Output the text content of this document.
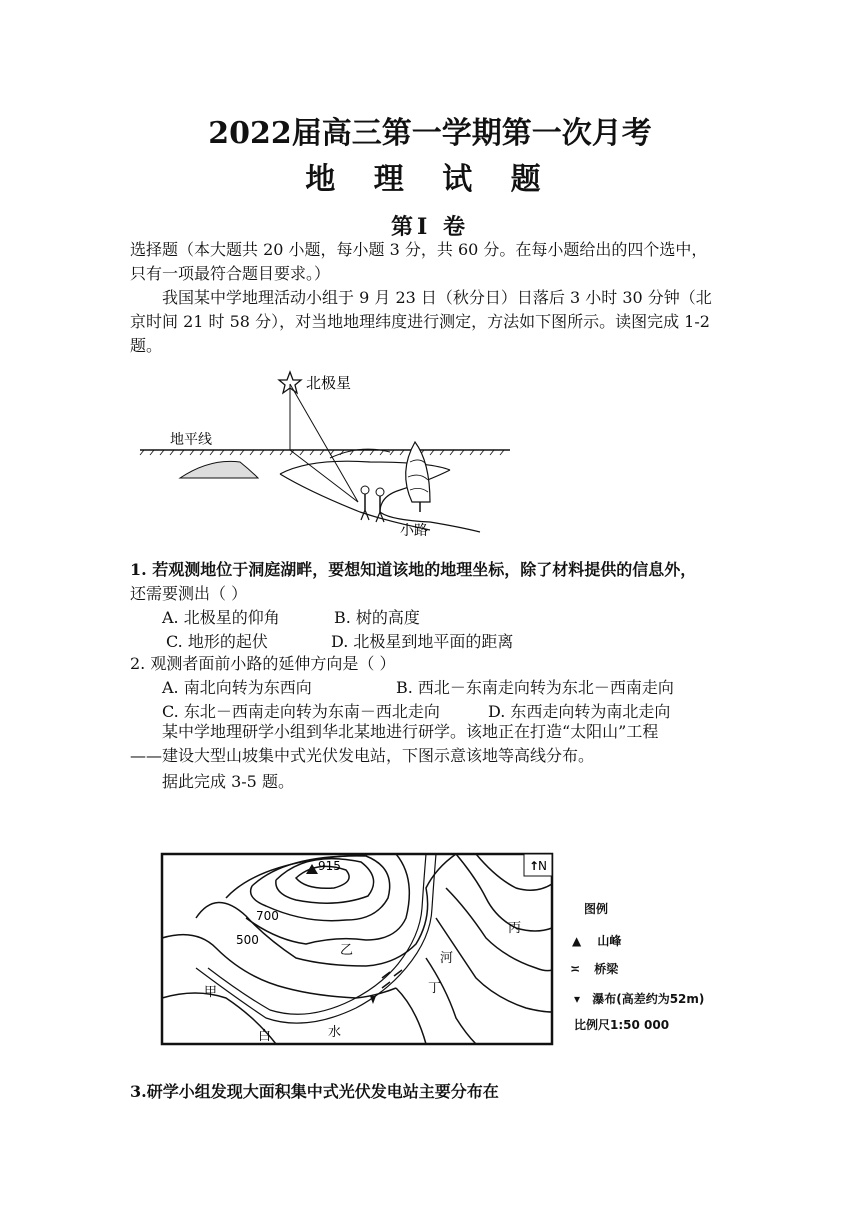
2022届高三第一学期第一次月考
地 理 试 题
第Ⅰ 卷
选择题（本大题共 20 小题，每小题 3 分，共 60 分。在每小题给出的四个选中，
只有一项最符合题目要求。）
我国某中学地理活动小组于 9 月 23 日（秋分日）日落后 3 小时 30 分钟（北
京时间 21 时 58 分），对当地地理纬度进行测定，方法如下图所示。读图完成 1-2
题。
北极星
地平线
小路
1. 若观测地位于洞庭湖畔，要想知道该地的地理坐标，除了材料提供的信息外，
还需要测出（ ）
A. 北极星的仰角	B. 树的高度
C. 地形的起伏	D. 北极星到地平面的距离
2. 观测者面前小路的延伸方向是（ ）
A. 南北向转为东西向	B. 西北－东南走向转为东北－西南走向
C. 东北－西南走向转为东南－西北走向	D. 东西走向转为南北走向
某中学地理研学小组到华北某地进行研学。该地正在打造“太阳山”工程
——建设大型山坡集中式光伏发电站，下图示意该地等高线分布。
据此完成 3-5 题。
915
700
500
↑
N
甲
乙
丙
丁
河
白	水
图例
▲ 山峰
≍ 桥梁
▾ 瀑布(高差约为52m)
比例尺1:50 000
3.研学小组发现大面积集中式光伏发电站主要分布在
